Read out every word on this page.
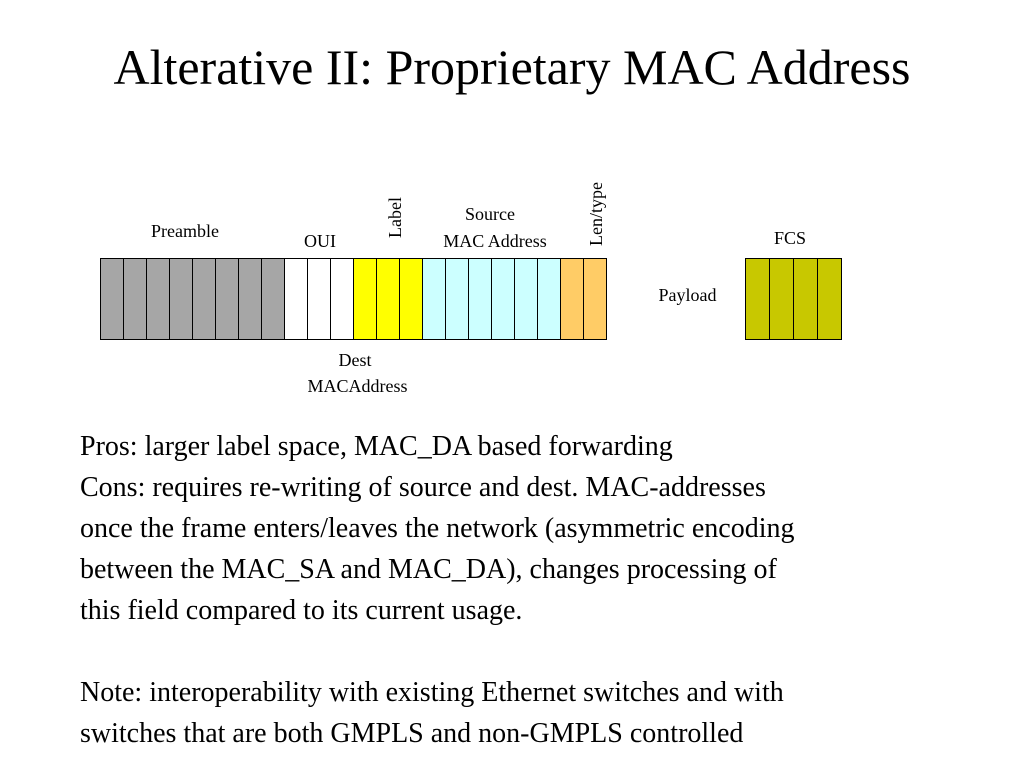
Alterative II: Proprietary MAC Address
Preamble	OUI
Label	Source
MAC Address	Len/type	FCS
Payload
Dest
MACAddress
Pros: larger label space, MAC_DA based forwarding
Cons: requires re-writing of source and dest. MAC-addresses
once the frame enters/leaves the network (asymmetric encoding
between the MAC_SA and MAC_DA), changes processing of
this field compared to its current usage.
Note: interoperability with existing Ethernet switches and with
switches that are both GMPLS and non-GMPLS controlled
